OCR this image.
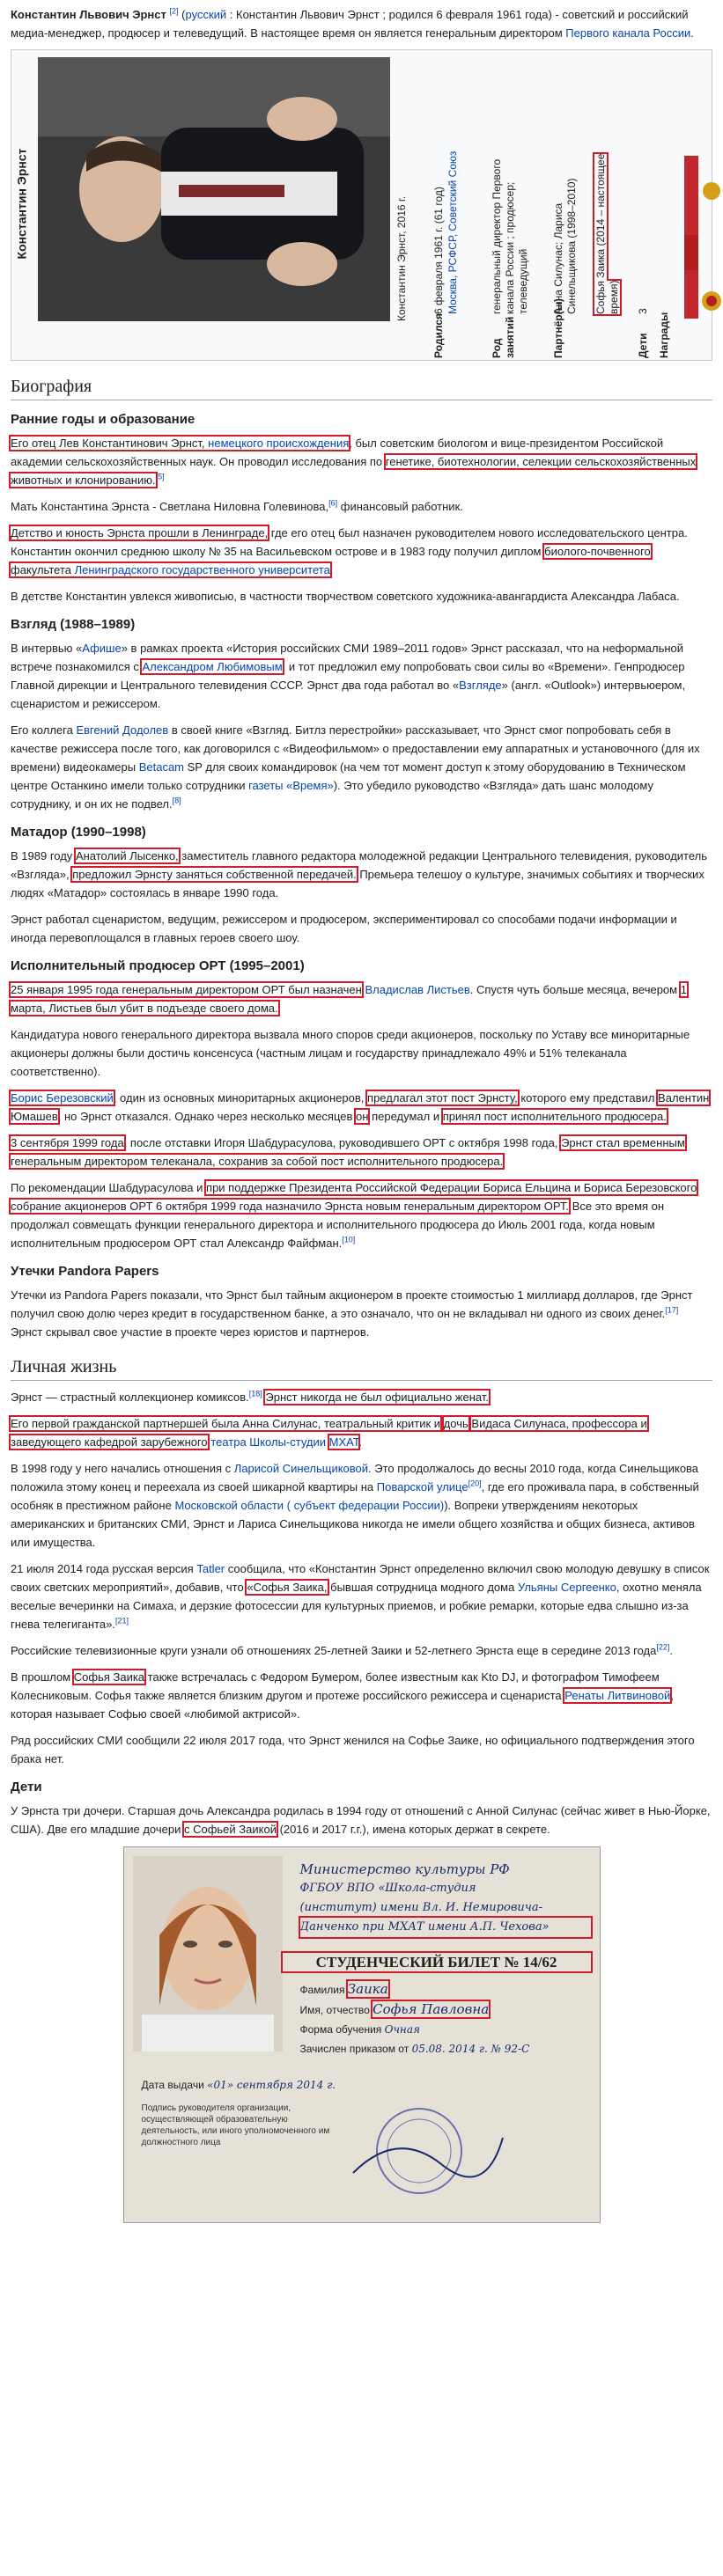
Константин Львович Эрнст [2] (русский : Константин Львович Эрнст ; родился 6 февраля 1961 года) - советский и российский медиа-менеджер, продюсер и телеведущий. В настоящее время он является генеральным директором Первого канала России.

Константин Эрнст	Константин Эрнст, 2016 г.
Родился
6 февраля 1961 г. (61 год) Москва, РСФСР, Советский Союз
Род занятий
генеральный директор Первого канала России ; продюсер; телеведущий
Партнёр(ы)
Анна Силунас; Лариса Синельщикова (1998–2010) Софья Заика (2014 – настоящее время)
Дети
3
Награды
Биография
Ранние годы и образование

Его отец Лев Константинович Эрнст, немецкого происхождения, был советским биологом и вице-президентом Российской академии сельскохозяйственных наук. Он проводил исследования по генетике, биотехнологии, селекции сельскохозяйственных животных и клонированию.[5]

Мать Константина Эрнста - Светлана Ниловна Голевинова,[6] финансовый работник.

Детство и юность Эрнста прошли в Ленинграде, где его отец был назначен руководителем нового исследовательского центра. Константин окончил среднюю школу № 35 на Васильевском острове и в 1983 году получил диплом биолого-почвенного факультета Ленинградского государственного университета.

В детстве Константин увлекся живописью, в частности творчеством советского художника-авангардиста Александра Лабаса.

Взгляд (1988–1989)

В интервью «Афише» в рамках проекта «История российских СМИ 1989–2011 годов» Эрнст рассказал, что на неформальной встрече познакомился с Александром Любимовым, и тот предложил ему попробовать свои силы во «Времени». Генпродюсер Главной дирекции и Центрального телевидения СССР. Эрнст два года работал во «Взгляде» (англ. «Outlook») интервьюером, сценаристом и режиссером.

Его коллега Евгений Додолев в своей книге «Взгляд. Битлз перестройки» рассказывает, что Эрнст смог попробовать себя в качестве режиссера после того, как договорился с «Видеофильмом» о предоставлении ему аппаратных и установочного (для их времени) видеокамеры Betacam SP для своих командировок (на чем тот момент доступ к этому оборудованию в Техническом центре Останкино имели только сотрудники газеты «Время»). Это убедило руководство «Взгляда» дать шанс молодому сотруднику, и он их не подвел.[8]

Матадор (1990–1998)

В 1989 году Анатолий Лысенко, заместитель главного редактора молодежной редакции Центрального телевидения, руководитель «Взгляда», предложил Эрнсту заняться собственной передачей. Премьера телешоу о культуре, значимых событиях и творческих людях «Матадор» состоялась в январе 1990 года.

Эрнст работал сценаристом, ведущим, режиссером и продюсером, экспериментировал со способами подачи информации и иногда перевоплощался в главных героев своего шоу.

Исполнительный продюсер ОРТ (1995–2001)

25 января 1995 года генеральным директором ОРТ был назначен Владислав Листьев. Спустя чуть больше месяца, вечером 1 марта, Листьев был убит в подъезде своего дома.

Кандидатура нового генерального директора вызвала много споров среди акционеров, поскольку по Уставу все миноритарные акционеры должны были достичь консенсуса (частным лицам и государству принадлежало 49% и 51% телеканала соответственно).

Борис Березовский, один из основных миноритарных акционеров, предлагал этот пост Эрнсту, которого ему представил Валентин Юмашев, но Эрнст отказался. Однако через несколько месяцев он передумал и принял пост исполнительного продюсера.

3 сентября 1999 года, после отставки Игоря Шабдурасулова, руководившего ОРТ с октября 1998 года, Эрнст стал временным генеральным директором телеканала, сохранив за собой пост исполнительного продюсера.

По рекомендации Шабдурасулова и при поддержке Президента Российской Федерации Бориса Ельцина и Бориса Березовского собрание акционеров ОРТ 6 октября 1999 года назначило Эрнста новым генеральным директором ОРТ. Все это время он продолжал совмещать функции генерального директора и исполнительного продюсера до Июль 2001 года, когда новым исполнительным продюсером ОРТ стал Александр Файфман.[10]

Утечки Pandora Papers

Утечки из Pandora Papers показали, что Эрнст был тайным акционером в проекте стоимостью 1 миллиард долларов, где Эрнст получил свою долю через кредит в государственном банке, а это означало, что он не вкладывал ни одного из своих денег.[17] Эрнст скрывал свое участие в проекте через юристов и партнеров.

Личная жизнь

Эрнст — страстный коллекционер комиксов.[18] Эрнст никогда не был официально женат.

Его первой гражданской партнершей была Анна Силунас, театральный критик и дочь Видаса Силунаса, профессора и заведующего кафедрой зарубежного театра Школы-студии МХАТ.

В 1998 году у него начались отношения с Ларисой Синельщиковой. Это продолжалось до весны 2010 года, когда Синельщикова положила этому конец и переехала из своей шикарной квартиры на Поварской улице[20], где его проживала пара, в собственный особняк в престижном районе Московской области ( субъект федерации России)). Вопреки утверждениям некоторых американских и британских СМИ, Эрнст и Лариса Синельщикова никогда не имели общего хозяйства и общих бизнеса, активов или имущества.

21 июля 2014 года русская версия Tatler сообщила, что «Константин Эрнст определенно включил свою молодую девушку в список своих светских мероприятий», добавив, что «Софья Заика, бывшая сотрудница модного дома Ульяны Сергеенко, охотно меняла веселые вечеринки на Симаха, и дерзкие фотосессии для культурных приемов, и робкие ремарки, которые едва слышно из-за гнева телегиганта».[21]

Российские телевизионные круги узнали об отношениях 25-летней Заики и 52-летнего Эрнста еще в середине 2013 года[22].

В прошлом Софья Заика также встречалась с Федором Бумером, более известным как Kto DJ, и фотографом Тимофеем Колесниковым. Софья также является близким другом и протеже российского режиссера и сценариста Ренаты Литвиновой, которая называет Софью своей «любимой актрисой».

Ряд российских СМИ сообщили 22 июля 2017 года, что Эрнст женился на Софье Заике, но официального подтверждения этого брака нет.

Дети

У Эрнста три дочери. Старшая дочь Александра родилась в 1994 году от отношений с Анной Силунас (сейчас живет в Нью-Йорке, США). Две его младшие дочери с Софьей Заикой (2016 и 2017 г.г.), имена которых держат в секрете.

Министерство культуры РФ
ФГБОУ ВПО «Школа-студия
(институт) имени Вл. И. Немировича-
Данченко при МХАТ имени А.П. Чехова»
СТУДЕНЧЕСКИЙ БИЛЕТ № 14/62
Фамилия Заика
Имя, отчество Софья Павловна
Форма обучения Очная
Зачислен приказом от 05.08. 2014 г. № 92-С
Дата выдачи «01» сентября 2014 г.
Подпись руководителя организации, осуществляющей образовательную деятельность, или иного уполномоченного им должностного лица
